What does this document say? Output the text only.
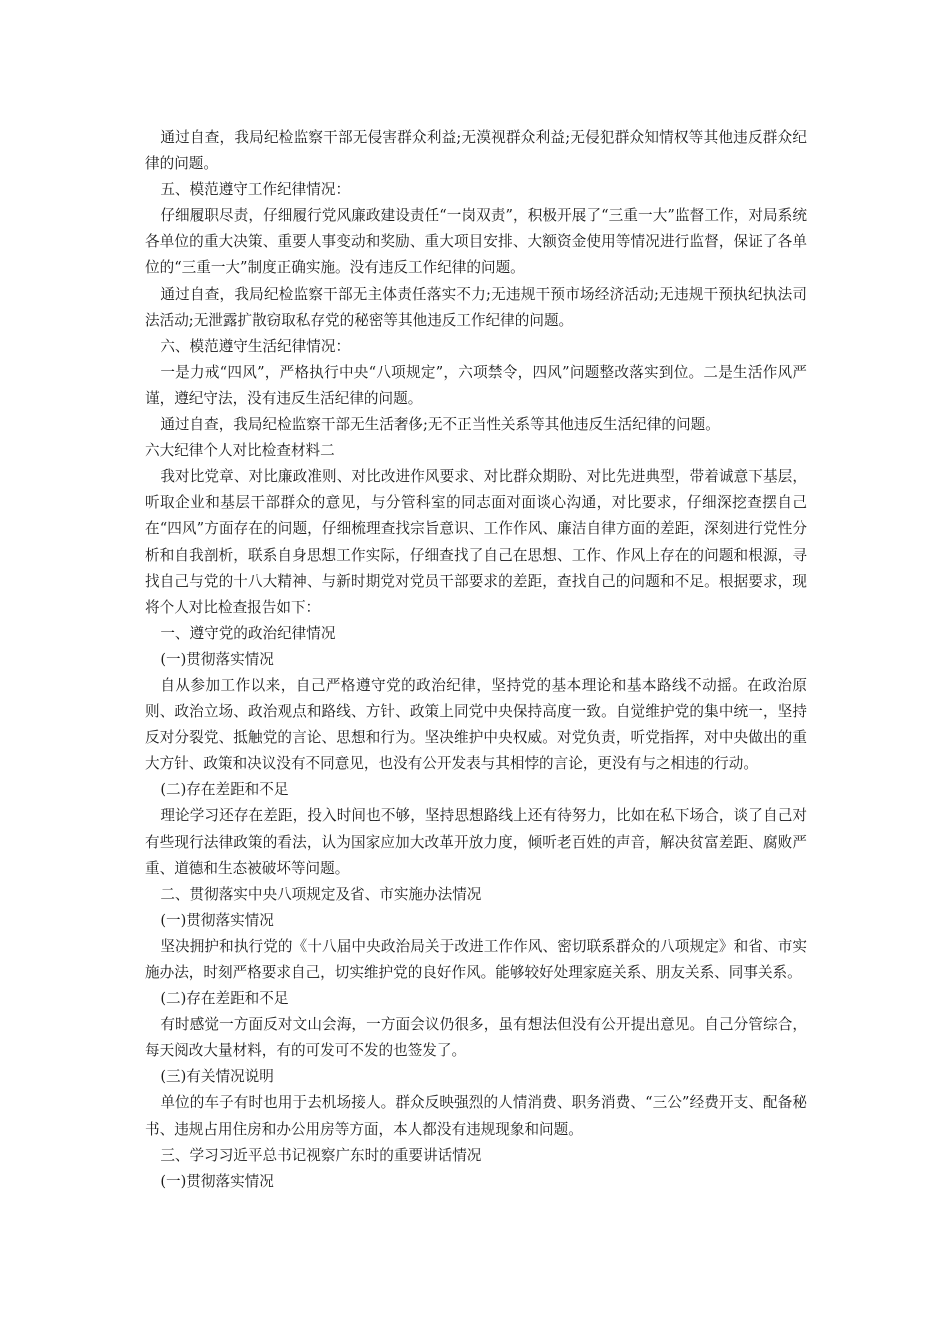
通过自查，我局纪检监察干部无侵害群众利益;无漠视群众利益;无侵犯群众知情权等其他违反群众纪律的问题。

五、模范遵守工作纪律情况：

仔细履职尽责，仔细履行党风廉政建设责任“一岗双责”，积极开展了“三重一大”监督工作，对局系统各单位的重大决策、重要人事变动和奖励、重大项目安排、大额资金使用等情况进行监督，保证了各单位的“三重一大”制度正确实施。没有违反工作纪律的问题。

通过自查，我局纪检监察干部无主体责任落实不力;无违规干预市场经济活动;无违规干预执纪执法司法活动;无泄露扩散窃取私存党的秘密等其他违反工作纪律的问题。

六、模范遵守生活纪律情况：

一是力戒“四风”，严格执行中央“八项规定”，六项禁令，四风”问题整改落实到位。二是生活作风严谨，遵纪守法，没有违反生活纪律的问题。

通过自查，我局纪检监察干部无生活奢侈;无不正当性关系等其他违反生活纪律的问题。

六大纪律个人对比检查材料二

我对比党章、对比廉政准则、对比改进作风要求、对比群众期盼、对比先进典型，带着诚意下基层，听取企业和基层干部群众的意见，与分管科室的同志面对面谈心沟通，对比要求，仔细深挖查摆自己在“四风”方面存在的问题，仔细梳理查找宗旨意识、工作作风、廉洁自律方面的差距，深刻进行党性分析和自我剖析，联系自身思想工作实际，仔细查找了自己在思想、工作、作风上存在的问题和根源，寻找自己与党的十八大精神、与新时期党对党员干部要求的差距，查找自己的问题和不足。根据要求，现将个人对比检查报告如下：

一、遵守党的政治纪律情况

(一)贯彻落实情况

自从参加工作以来，自己严格遵守党的政治纪律，坚持党的基本理论和基本路线不动摇。在政治原则、政治立场、政治观点和路线、方针、政策上同党中央保持高度一致。自觉维护党的集中统一，坚持反对分裂党、抵触党的言论、思想和行为。坚决维护中央权威。对党负责，听党指挥，对中央做出的重大方针、政策和决议没有不同意见，也没有公开发表与其相悖的言论，更没有与之相违的行动。

(二)存在差距和不足

理论学习还存在差距，投入时间也不够，坚持思想路线上还有待努力，比如在私下场合，谈了自己对有些现行法律政策的看法，认为国家应加大改革开放力度，倾听老百姓的声音，解决贫富差距、腐败严重、道德和生态被破坏等问题。

二、贯彻落实中央八项规定及省、市实施办法情况

(一)贯彻落实情况

坚决拥护和执行党的《十八届中央政治局关于改进工作作风、密切联系群众的八项规定》和省、市实施办法，时刻严格要求自己，切实维护党的良好作风。能够较好处理家庭关系、朋友关系、同事关系。

(二)存在差距和不足

有时感觉一方面反对文山会海，一方面会议仍很多，虽有想法但没有公开提出意见。自己分管综合，每天阅改大量材料，有的可发可不发的也签发了。

(三)有关情况说明

单位的车子有时也用于去机场接人。群众反映强烈的人情消费、职务消费、“三公”经费开支、配备秘书、违规占用住房和办公用房等方面，本人都没有违规现象和问题。

三、学习习近平总书记视察广东时的重要讲话情况

(一)贯彻落实情况
